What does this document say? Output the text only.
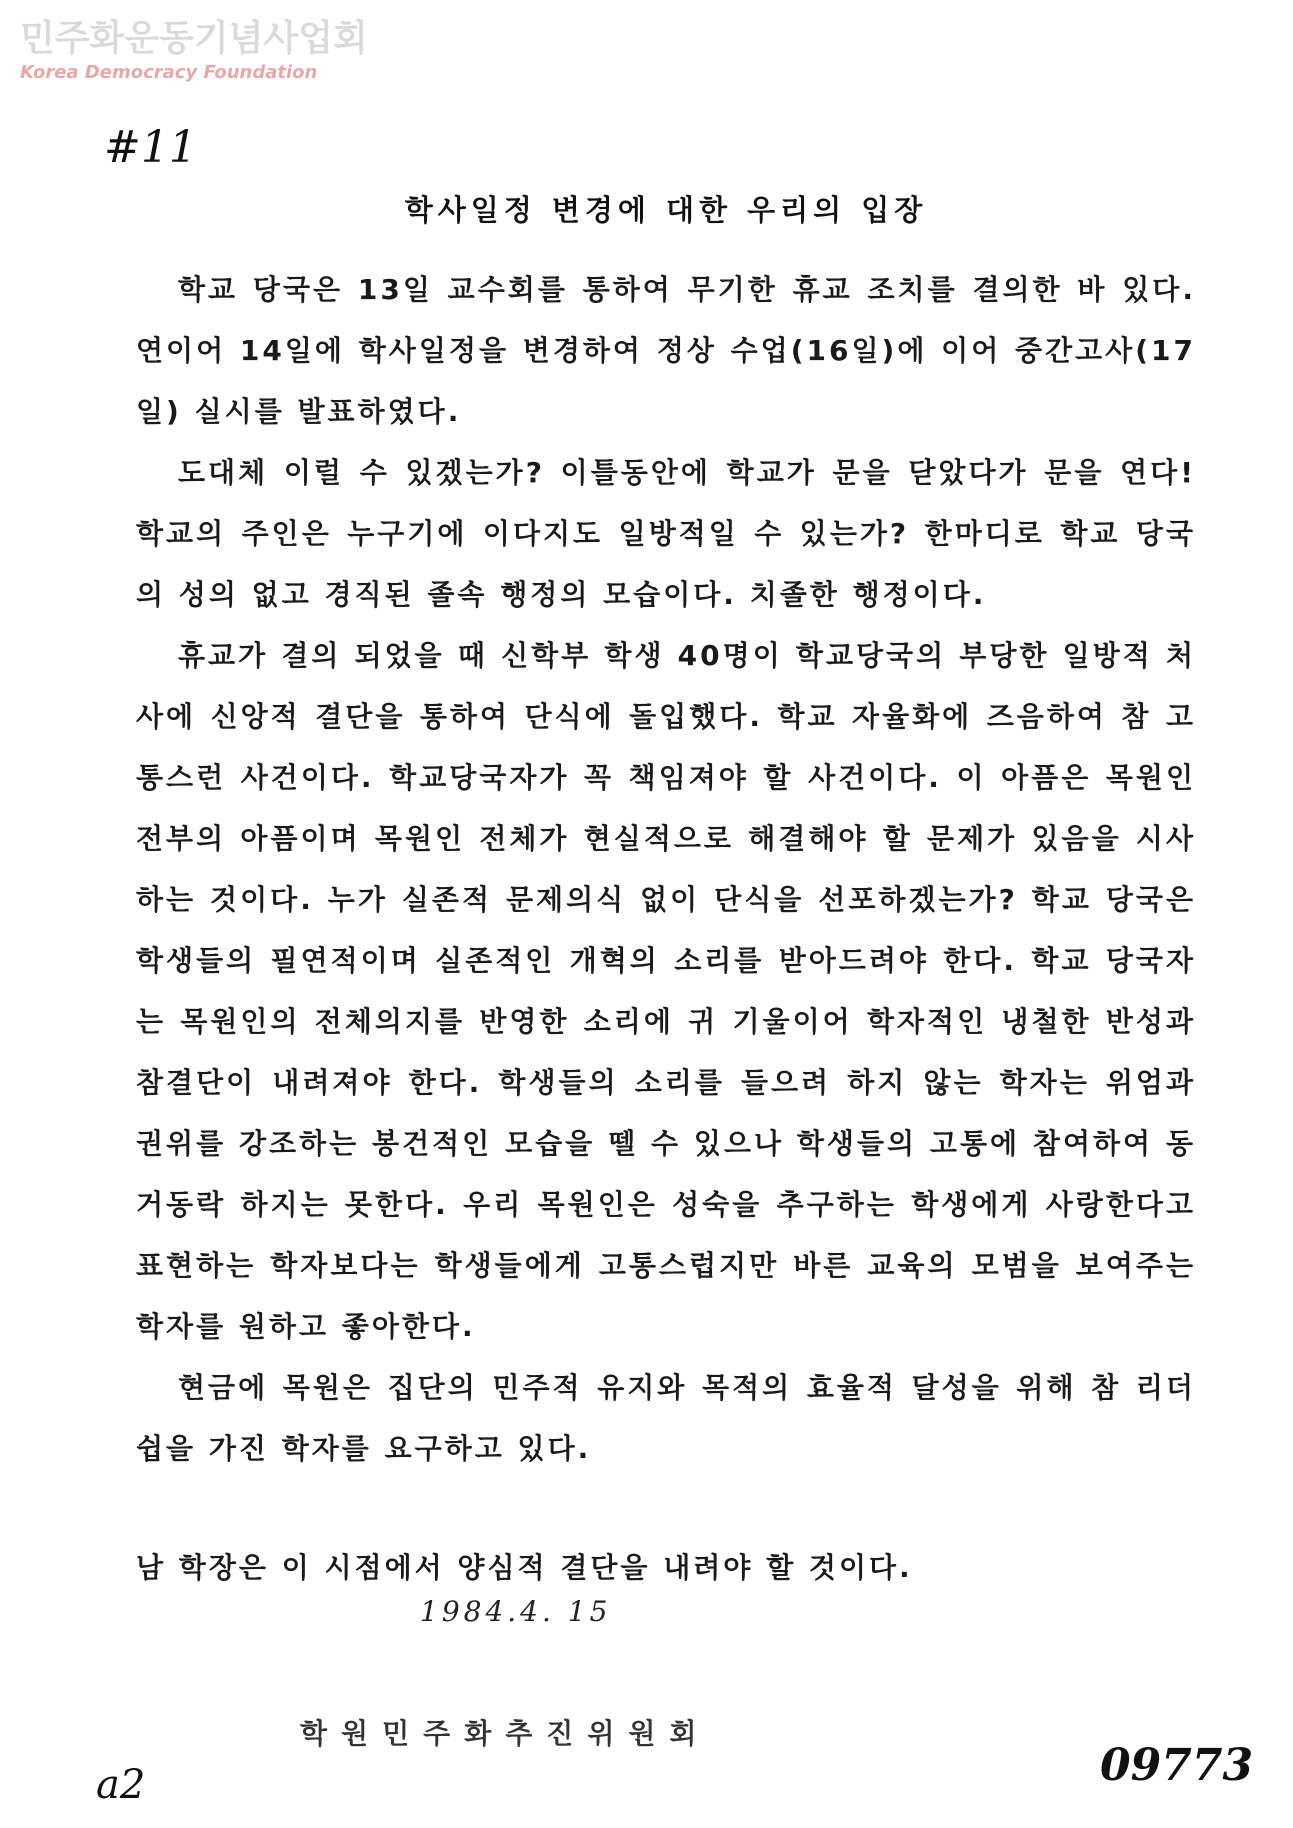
민주화운동기념사업회
Korea Democracy Foundation
#11
학사일정 변경에 대한 우리의 입장

학교 당국은 13일 교수회를 통하여 무기한 휴교 조치를 결의한 바 있다. 연이어 14일에 학사일정을 변경하여 정상 수업(16일)에 이어 중간고사(17일) 실시를 발표하였다.

도대체 이럴 수 있겠는가? 이틀동안에 학교가 문을 닫았다가 문을 연다! 학교의 주인은 누구기에 이다지도 일방적일 수 있는가? 한마디로 학교 당국의 성의 없고 경직된 졸속 행정의 모습이다. 치졸한 행정이다.

휴교가 결의 되었을 때 신학부 학생 40명이 학교당국의 부당한 일방적 처사에 신앙적 결단을 통하여 단식에 돌입했다. 학교 자율화에 즈음하여 참 고통스런 사건이다. 학교당국자가 꼭 책임져야 할 사건이다. 이 아픔은 목원인 전부의 아픔이며 목원인 전체가 현실적으로 해결해야 할 문제가 있음을 시사하는 것이다. 누가 실존적 문제의식 없이 단식을 선포하겠는가? 학교 당국은 학생들의 필연적이며 실존적인 개혁의 소리를 받아드려야 한다. 학교 당국자는 목원인의 전체의지를 반영한 소리에 귀 기울이어 학자적인 냉철한 반성과 참결단이 내려져야 한다. 학생들의 소리를 들으려 하지 않는 학자는 위엄과 권위를 강조하는 봉건적인 모습을 뗄 수 있으나 학생들의 고통에 참여하여 동거동락 하지는 못한다. 우리 목원인은 성숙을 추구하는 학생에게 사랑한다고 표현하는 학자보다는 학생들에게 고통스럽지만 바른 교육의 모범을 보여주는 학자를 원하고 좋아한다.

현금에 목원은 집단의 민주적 유지와 목적의 효율적 달성을 위해 참 리더쉽을 가진 학자를 요구하고 있다.

남 학장은 이 시점에서 양심적 결단을 내려야 할 것이다.

1984.4. 15
학원민주화추진위원회
a2	09773
